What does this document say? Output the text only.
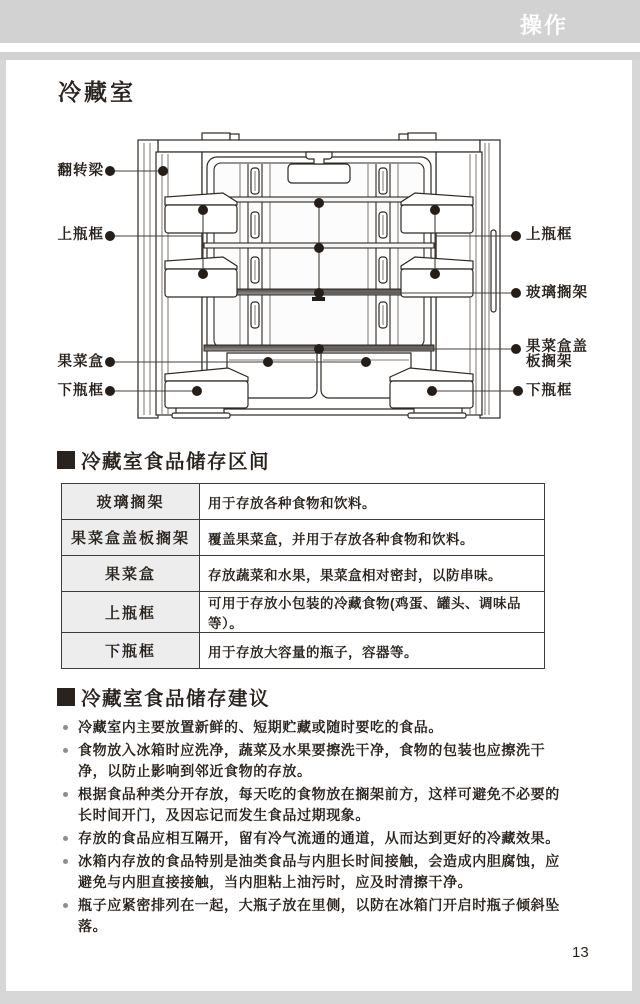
操作
冷藏室
翻转梁
上瓶框
果菜盒
下瓶框
上瓶框
玻璃搁架
果菜盒盖
板搁架
下瓶框
冷藏室食品储存区间
玻璃搁架	用于存放各种食物和饮料。
果菜盒盖板搁架	覆盖果菜盒，并用于存放各种食物和饮料。
果菜盒	存放蔬菜和水果，果菜盒相对密封，以防串味。
上瓶框	可用于存放小包装的冷藏食物(鸡蛋、罐头、调味品等）。
下瓶框	用于存放大容量的瓶子，容器等。
冷藏室食品储存建议
冷藏室内主要放置新鲜的、短期贮藏或随时要吃的食品。
食物放入冰箱时应洗净，蔬菜及水果要擦洗干净，食物的包装也应擦洗干净，以防止影响到邻近食物的存放。
根据食品种类分开存放，每天吃的食物放在搁架前方，这样可避免不必要的长时间开门，及因忘记而发生食品过期现象。
存放的食品应相互隔开，留有冷气流通的通道，从而达到更好的冷藏效果。
冰箱内存放的食品特别是油类食品与内胆长时间接触，会造成内胆腐蚀，应避免与内胆直接接触，当内胆粘上油污时，应及时清擦干净。
瓶子应紧密排列在一起，大瓶子放在里侧，以防在冰箱门开启时瓶子倾斜坠落。
13
